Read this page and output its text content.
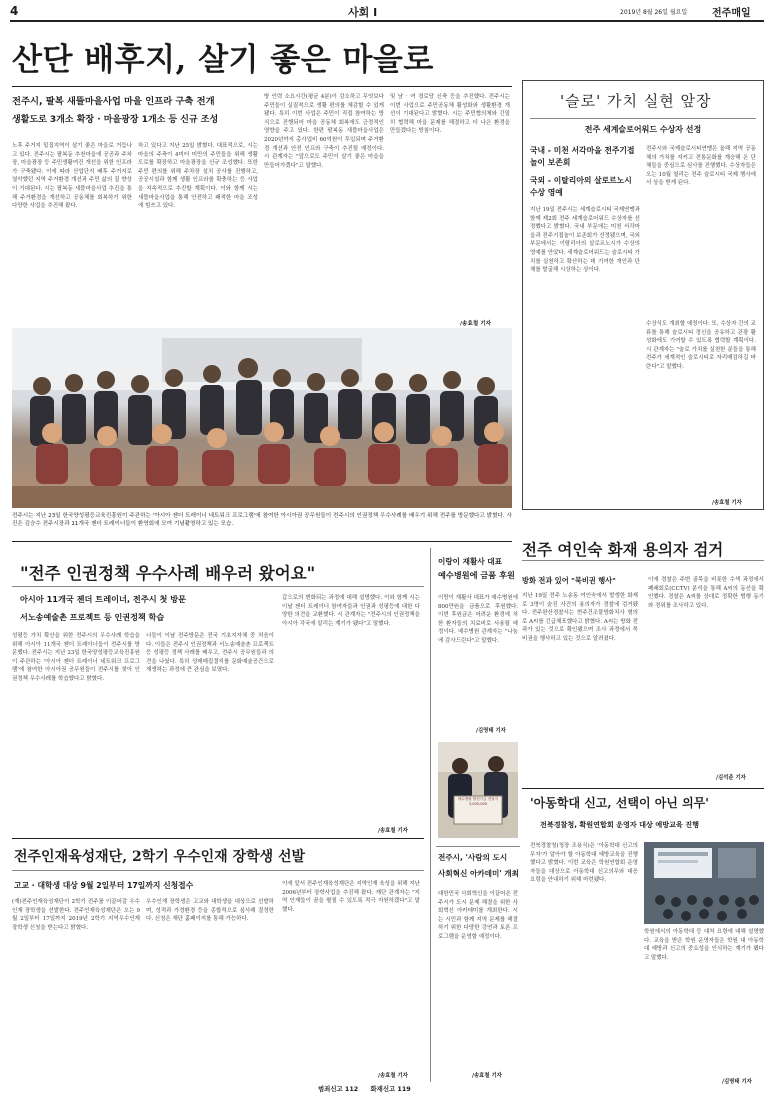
4	사회 Ⅰ	2019년 8월 26일 월요일 전주매일
산단 배후지, 살기 좋은 마을로
전주시, 팔복 새뜰마을사업 마을 인프라 구축 전개
생활도로 3개소 확장 · 마을광장 1개소 등 신규 조성
노후 주거지 밀집지역이 살기 좋은 마을로 거듭나고 있다. 전주시는 팔복동 추천마을에 공공과 주차장, 마을광장 등 주민생활여건 개선을 위한 인프라가 구축됐다. 이에 따라 산업단지 배후 주거지로 열악했던 지역 주거환경 개선과 주민 삶의 질 향상이 기대된다. 시는 팔복동 새뜰마을사업 추진을 통해 주거환경을 개선하고 공동체를 회복하기 위한 다양한 사업을 추진해 왔다.
하고 있다고 지난 25일 밝혔다. 대표적으로, 시는 마을의 주축이 4미터 미만의 주민들을 위해 생활도로를 확장하고 마을광장을 신규 조성했다. 또한 주민 편의를 위해 주차장 설치 공사를 진행하고, 공공시설과 함께 생활 인프라를 확충하는 등 사업을 지속적으로 추진할 계획이다. 이와 함께 시는 새뜰마을사업을 통해 안전하고 쾌적한 마을 조성에 힘쓰고 있다.
방 인력 소요시간(평균 4분)이 감소하고 무엇보다 주민들이 실질적으로 생활 편의를 체감할 수 있게 됐다. 특히 이번 사업은 주민이 직접 참여하는 방식으로 진행되어 마을 공동체 회복에도 긍정적인 영향을 주고 있다. 한편 팔복동 새뜰마을사업은 2020년까지 총사업비 60억원이 투입되며 주거환경 개선과 안전 인프라 구축이 추진될 예정이다. 시 관계자는 "앞으로도 주민이 살기 좋은 마을을 만들어가겠다"고 말했다.
및 남 · 여 경로당 신축 등을 추진했다. 전주시는 이번 사업으로 주민공동체 활성화와 생활환경 개선이 기대된다고 밝혔다. 시는 주민협의체와 긴밀히 협력해 마을 문제를 해결하고 더 나은 환경을 만들겠다는 방침이다.
/송효철 기자
전주시는 지난 23일 한국양성평등교육진흥원이 주관하는 '아시아 젠더 트레이너 네트워크 프로그램'에 참여한 아시아권 공무원들이 전주시의 인권정책 우수사례를 배우기 위해 전주를 방문했다고 밝혔다. 사진은 김승수 전주시장과 11개국 젠더 트레이너들이 환영회에 모여 기념촬영하고 있는 모습.
'슬로' 가치 실현 앞장
전주 세계슬로어워드 수상자 선정
국내 - 미천 서각마을 전주기접놀이 보존회
국외 - 이탈리아의 살로르노시 수상 영예
지난 19일 전주시는 세계슬로시티 국제연맹과 함께 제2회 전주 세계슬로어워드 수상자를 선정했다고 밝혔다. 국내 부문에는 미천 서각마을과 전주기접놀이 보존회가 선정됐으며, 국외 부문에서는 이탈리아의 살로르노시가 수상의 영예를 안았다. 세계슬로어워드는 슬로시티 가치를 실천하고 확산하는 데 기여한 개인과 단체를 발굴해 시상하는 상이다.
전주시와 국제슬로시티연맹은 올해 지역 공동체의 가치를 지키고 전통문화를 계승해 온 단체들을 중심으로 심사를 진행했다. 수상자들은 오는 10월 열리는 전주 슬로시티 국제 행사에서 상을 받게 된다.
수상식도 개최할 예정이다. 또, 수상자 간의 교류를 통해 슬로시티 정신을 공유하고 관광 활성화에도 기여할 수 있도록 협력할 계획이다. 시 관계자는 "슬로 가치를 실천한 분들을 통해 전주가 세계적인 슬로시티로 자리매김하길 바란다"고 말했다.
/송효철 기자
전주 여인숙 화재 용의자 검거
방화 전과 있어 "묵비권 행사"
지난 19일 전주 노송동 여인숙에서 발생한 화재로 3명이 숨진 사건의 용의자가 경찰에 검거됐다. 전주완산경찰서는 현주건조물방화치사 혐의로 A씨를 긴급체포했다고 밝혔다. A씨는 방화 전과가 있는 것으로 확인됐으며 조사 과정에서 묵비권을 행사하고 있는 것으로 알려졌다.
이에 경찰은 주변 골목을 비롯한 수색 과정에서 폐쇄회로(CCTV) 분석을 통해 A씨의 동선을 확인했다. 경찰은 A씨를 상대로 정확한 범행 동기와 경위를 조사하고 있다.
/김석준 기자
'아동학대 신고, 선택이 아닌 의무'
전북경찰청, 확원연합회 운영자 대상 예방교육 진행
전북경찰청(청장 조용식)은 '아동학대 신고의무자'가 알아야 할 아동학대 예방교육을 진행했다고 밝혔다. 이번 교육은 학원연합회 운영자들을 대상으로 아동학대 신고의무와 대응 요령을 안내하기 위해 마련됐다.
학원에서의 아동학대 등 대처 요령에 대해 설명했다. 교육을 받은 학원 운영자들은 학원 내 아동학대 예방과 신고의 중요성을 인식하는 계기가 됐다고 말했다.
/김명태 기자
"전주 인권정책 우수사례 배우러 왔어요"
아시아 11개국 젠더 트레이너, 전주시 첫 방문
서노송예술촌 프로젝트 등 인권정책 학습
성평등 가치 확산을 위한 전주시의 우수사례 학습을 위해 아시아 11개국 젠더 트레이너들이 전주시를 방문했다. 전주시는 지난 23일 한국양성평등교육진흥원이 주관하는 '아시아 젠더 트레이너 네트워크 프로그램'에 참여한 아시아권 공무원들이 전주시를 찾아 인권정책 우수사례를 학습했다고 밝혔다.
너들이 이날 전주방문은 전국 기초지자체 중 처음이다. 이들은 전주시 인권정책과 서노송예술촌 프로젝트 등 성평등 정책 사례를 배우고, 전주시 공무원들과 의견을 나눴다. 특히 성매매집결지를 문화예술공간으로 재생하는 과정에 큰 관심을 보였다.
갑으로의 변화되는 과정에 대해 설명했다. 이와 함께 시는 이날 젠더 트레이너 참여자들과 인권과 성평등에 대한 다양한 의견을 교환했다. 시 관계자는 "전주시의 인권정책을 아시아 각국에 알리는 계기가 됐다"고 말했다.
/송효철 기자
이랑이 재활사 대표
예수병원에 금품 후원
이랑이 재활사 대표가 예수병원에 800만원을 금품으로 후원했다. 이번 후원금은 어려운 환경에 처한 환자들의 치료비로 사용될 예정이다. 예수병원 관계자는 "나눔에 감사드린다"고 말했다.
/김영태 기자
예수병원 발전기금 전달식 3,000,000
전주시, '사람의 도시
사회혁신 아카데미' 개최
대한민국 사회혁신을 이끌어온 전주시가 도시 문제 해결을 위한 사회혁신 아카데미를 개최한다. 시는 시민과 함께 지역 문제를 해결하기 위한 다양한 강연과 토론 프로그램을 운영할 예정이다.
/송효철 기자
전주인재육성재단, 2학기 우수인재 장학생 선발
고교 · 대학생 대상 9월 2일부터 17일까지 신청접수
(재)전주인재육성재단이 2학기 전주를 이끌어갈 우수인재 장학생을 선발한다. 전주인재육성재단은 오는 9월 2일부터 17일까지 2019년 2학기 지역우수인재 장학생 신청을 받는다고 밝혔다.
우수인재 장학생은 고교와 대학생을 대상으로 선발하며, 성적과 가정환경 등을 종합적으로 심사해 결정한다. 신청은 재단 홈페이지를 통해 가능하다.
이에 앞서 전주인재육성재단은 지역인재 육성을 위해 지난 2006년부터 장학사업을 추진해 왔다. 재단 관계자는 "지역 인재들이 꿈을 펼칠 수 있도록 적극 지원하겠다"고 말했다.
/송효철 기자
범죄신고 112 화재신고 119
